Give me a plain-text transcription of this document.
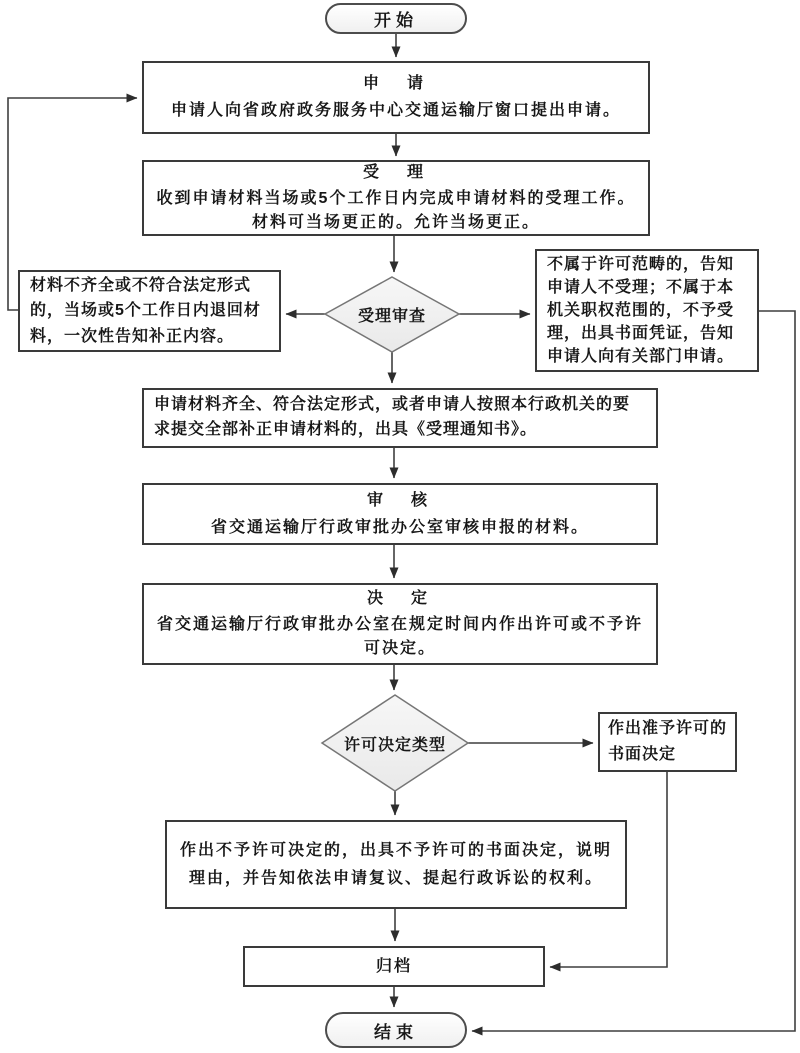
开始
申　请
申请人向省政府政务服务中心交通运输厅窗口提出申请。
受　理
收到申请材料当场或5个工作日内完成申请材料的受理工作。材料可当场更正的。允许当场更正。
受理审查
材料不齐全或不符合法定形式的，当场或5个工作日内退回材料，一次性告知补正内容。
不属于许可范畴的，告知申请人不受理；不属于本机关职权范围的，不予受理，出具书面凭证，告知申请人向有关部门申请。
申请材料齐全、符合法定形式，或者申请人按照本行政机关的要求提交全部补正申请材料的，出具《受理通知书》。
审　核
省交通运输厅行政审批办公室审核申报的材料。
决　定
省交通运输厅行政审批办公室在规定时间内作出许可或不予许可决定。
许可决定类型
作出准予许可的书面决定
作出不予许可决定的，出具不予许可的书面决定，说明理由，并告知依法申请复议、提起行政诉讼的权利。
归档
结束
